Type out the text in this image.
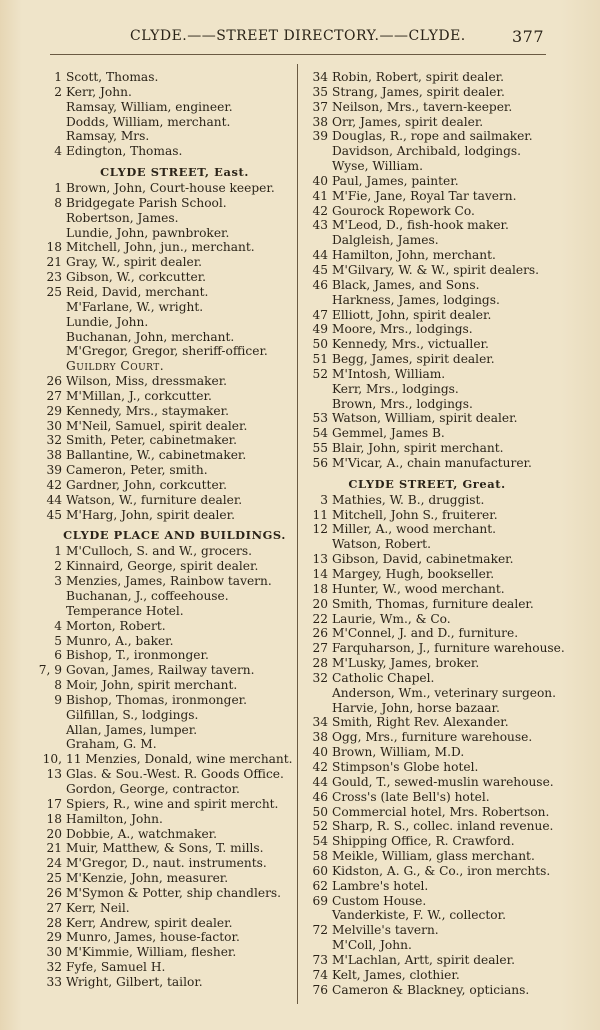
CLYDE.——STREET DIRECTORY.——CLYDE.	377
1 Scott, Thomas.
2 Kerr, John.
Ramsay, William, engineer.
Dodds, William, merchant.
Ramsay, Mrs.
4 Edington, Thomas.
CLYDE STREET, East.
1 Brown, John, Court-house keeper.
8 Bridgegate Parish School.
Robertson, James.
Lundie, John, pawnbroker.
18 Mitchell, John, jun., merchant.
21 Gray, W., spirit dealer.
23 Gibson, W., corkcutter.
25 Reid, David, merchant.
M'Farlane, W., wright.
Lundie, John.
Buchanan, John, merchant.
M'Gregor, Gregor, sheriff-officer.
Guildry Court.
26 Wilson, Miss, dressmaker.
27 M'Millan, J., corkcutter.
29 Kennedy, Mrs., staymaker.
30 M'Neil, Samuel, spirit dealer.
32 Smith, Peter, cabinetmaker.
38 Ballantine, W., cabinetmaker.
39 Cameron, Peter, smith.
42 Gardner, John, corkcutter.
44 Watson, W., furniture dealer.
45 M'Harg, John, spirit dealer.
CLYDE PLACE AND BUILDINGS.
1 M'Culloch, S. and W., grocers.
2 Kinnaird, George, spirit dealer.
3 Menzies, James, Rainbow tavern.
Buchanan, J., coffeehouse.
Temperance Hotel.
4 Morton, Robert.
5 Munro, A., baker.
6 Bishop, T., ironmonger.
7, 9 Govan, James, Railway tavern.
8 Moir, John, spirit merchant.
9 Bishop, Thomas, ironmonger.
Gilfillan, S., lodgings.
Allan, James, lumper.
Graham, G. M.
10, 11 Menzies, Donald, wine merchant.
13 Glas. & Sou.-West. R. Goods Office.
Gordon, George, contractor.
17 Spiers, R., wine and spirit mercht.
18 Hamilton, John.
20 Dobbie, A., watchmaker.
21 Muir, Matthew, & Sons, T. mills.
24 M'Gregor, D., naut. instruments.
25 M'Kenzie, John, measurer.
26 M'Symon & Potter, ship chandlers.
27 Kerr, Neil.
28 Kerr, Andrew, spirit dealer.
29 Munro, James, house-factor.
30 M'Kimmie, William, flesher.
32 Fyfe, Samuel H.
33 Wright, Gilbert, tailor.
34 Robin, Robert, spirit dealer.
35 Strang, James, spirit dealer.
37 Neilson, Mrs., tavern-keeper.
38 Orr, James, spirit dealer.
39 Douglas, R., rope and sailmaker.
Davidson, Archibald, lodgings.
Wyse, William.
40 Paul, James, painter.
41 M'Fie, Jane, Royal Tar tavern.
42 Gourock Ropework Co.
43 M'Leod, D., fish-hook maker.
Dalgleish, James.
44 Hamilton, John, merchant.
45 M'Gilvary, W. & W., spirit dealers.
46 Black, James, and Sons.
Harkness, James, lodgings.
47 Elliott, John, spirit dealer.
49 Moore, Mrs., lodgings.
50 Kennedy, Mrs., victualler.
51 Begg, James, spirit dealer.
52 M'Intosh, William.
Kerr, Mrs., lodgings.
Brown, Mrs., lodgings.
53 Watson, William, spirit dealer.
54 Gemmel, James B.
55 Blair, John, spirit merchant.
56 M'Vicar, A., chain manufacturer.
CLYDE STREET, Great.
3 Mathies, W. B., druggist.
11 Mitchell, John S., fruiterer.
12 Miller, A., wood merchant.
Watson, Robert.
13 Gibson, David, cabinetmaker.
14 Margey, Hugh, bookseller.
18 Hunter, W., wood merchant.
20 Smith, Thomas, furniture dealer.
22 Laurie, Wm., & Co.
26 M'Connel, J. and D., furniture.
27 Farquharson, J., furniture warehouse.
28 M'Lusky, James, broker.
32 Catholic Chapel.
Anderson, Wm., veterinary surgeon.
Harvie, John, horse bazaar.
34 Smith, Right Rev. Alexander.
38 Ogg, Mrs., furniture warehouse.
40 Brown, William, M.D.
42 Stimpson's Globe hotel.
44 Gould, T., sewed-muslin warehouse.
46 Cross's (late Bell's) hotel.
50 Commercial hotel, Mrs. Robertson.
52 Sharp, R. S., collec. inland revenue.
54 Shipping Office, R. Crawford.
58 Meikle, William, glass merchant.
60 Kidston, A. G., & Co., iron merchts.
62 Lambre's hotel.
69 Custom House.
Vanderkiste, F. W., collector.
72 Melville's tavern.
M'Coll, John.
73 M'Lachlan, Artt, spirit dealer.
74 Kelt, James, clothier.
76 Cameron & Blackney, opticians.
